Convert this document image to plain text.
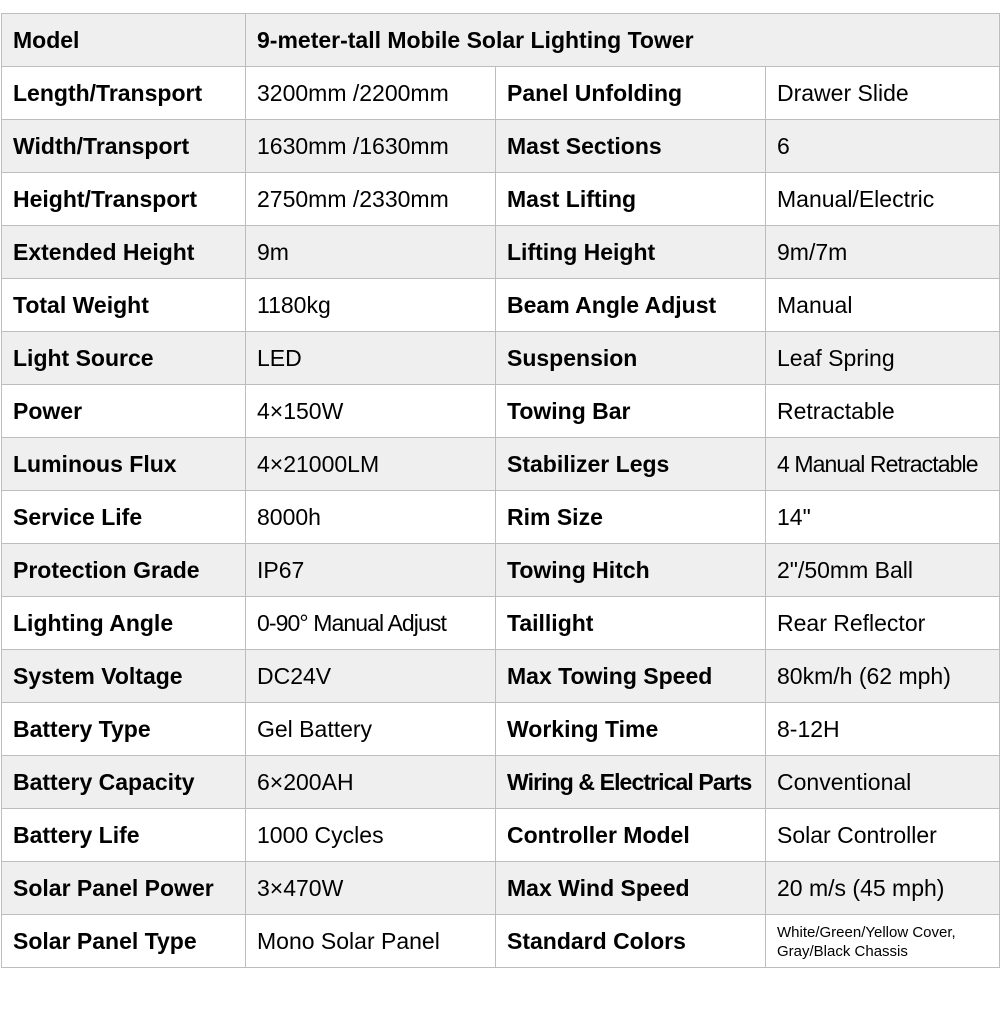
Model	9-meter-tall Mobile Solar Lighting Tower		
Length/Transport	3200mm /2200mm	Panel Unfolding	Drawer Slide
Width/Transport	1630mm /1630mm	Mast Sections	6
Height/Transport	2750mm /2330mm	Mast Lifting	Manual/Electric
Extended Height	9m	Lifting Height	9m/7m
Total Weight	1180kg	Beam Angle Adjust	Manual
Light Source	LED	Suspension	Leaf Spring
Power	4×150W	Towing Bar	Retractable
Luminous Flux	4×21000LM	Stabilizer Legs	4 Manual Retractable
Service Life	8000h	Rim Size	14"
Protection Grade	IP67	Towing Hitch	2"/50mm Ball
Lighting Angle	0-90° Manual Adjust	Taillight	Rear Reflector
System Voltage	DC24V	Max Towing Speed	80km/h (62 mph)
Battery Type	Gel Battery	Working Time	8-12H
Battery Capacity	6×200AH	Wiring & Electrical Parts	Conventional
Battery Life	1000 Cycles	Controller Model	Solar Controller
Solar Panel Power	3×470W	Max Wind Speed	20 m/s (45 mph)
Solar Panel Type	Mono Solar Panel	Standard Colors	White/Green/Yellow Cover,
Gray/Black Chassis
